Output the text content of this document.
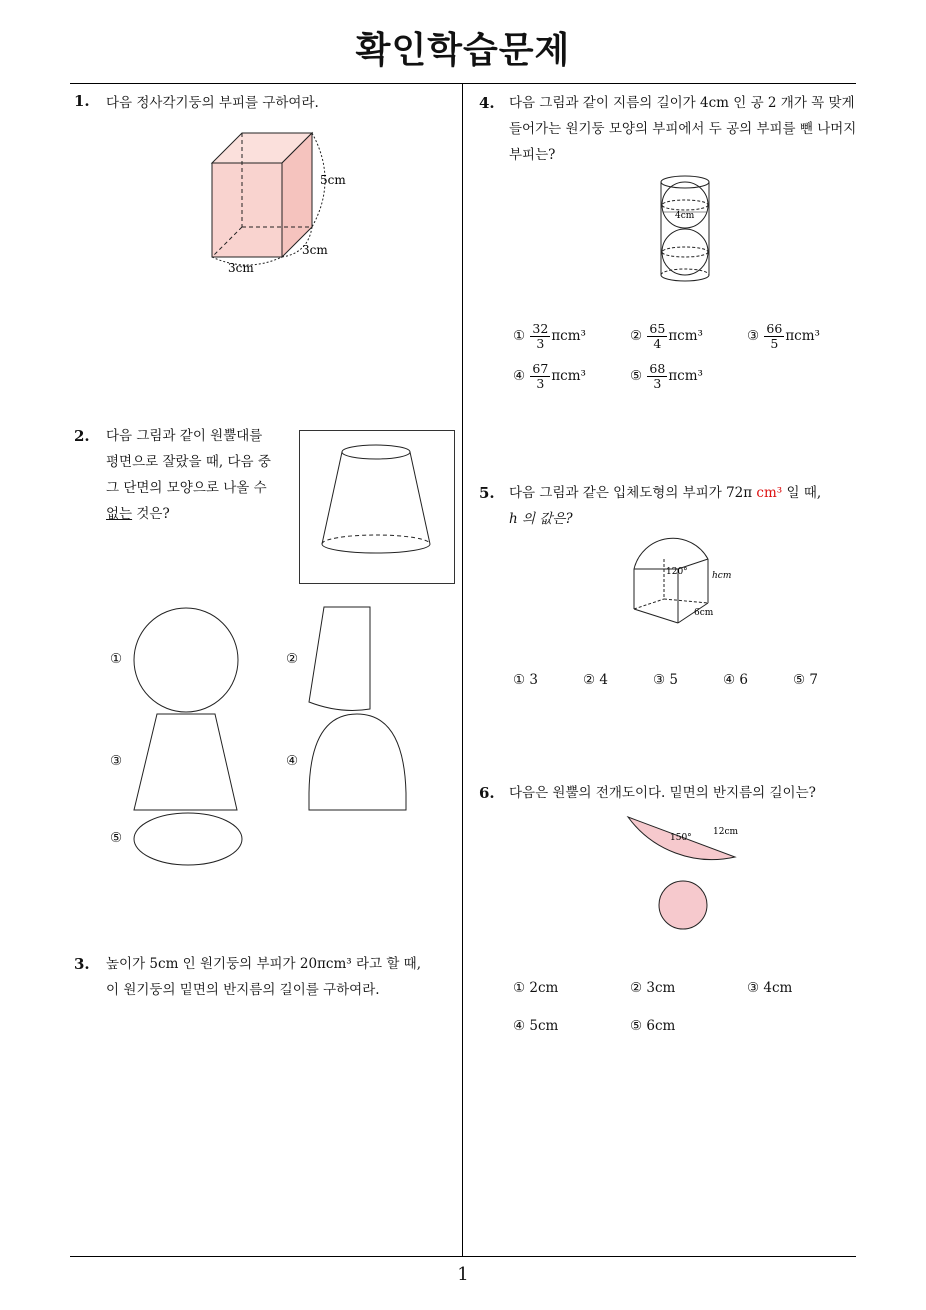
확인학습문제
1
1. 다음 정사각기둥의 부피를 구하여라.
5cm
3cm
3cm
2. 다음 그림과 같이 원뿔대를 평면으로 잘랐을 때, 다음 중 그 단면의 모양으로 나올 수 없는 것은?
①	②
③	④
⑤
3. 높이가 5cm 인 원기둥의 부피가 20πcm³ 라고 할 때,
이 원기둥의 밑면의 반지름의 길이를 구하여라.
4. 다음 그림과 같이 지름의 길이가 4cm 인 공 2 개가 꼭 맞게 들어가는 원기둥 모양의 부피에서 두 공의 부피를 뺀 나머지 부피는?
4cm
① $\frac{32}{3} \pi cm^3$	② $\frac{65}{4} \pi cm^3$	③ $\frac{66}{5} \pi cm^3$
④ $\frac{67}{3} \pi cm^3$	⑤ $\frac{68}{3} \pi cm^3$
5. 다음 그림과 같은 입체도형의 부피가 72π cm³ 일 때,
h 의 값은?
120°	hcm
6cm
① 3	② 4	③ 5	④ 6	⑤ 7
6. 다음은 원뿔의 전개도이다. 밑면의 반지름의 길이는?
150°
12cm
① 2cm	② 3cm	③ 4cm
④ 5cm	⑤ 6cm
